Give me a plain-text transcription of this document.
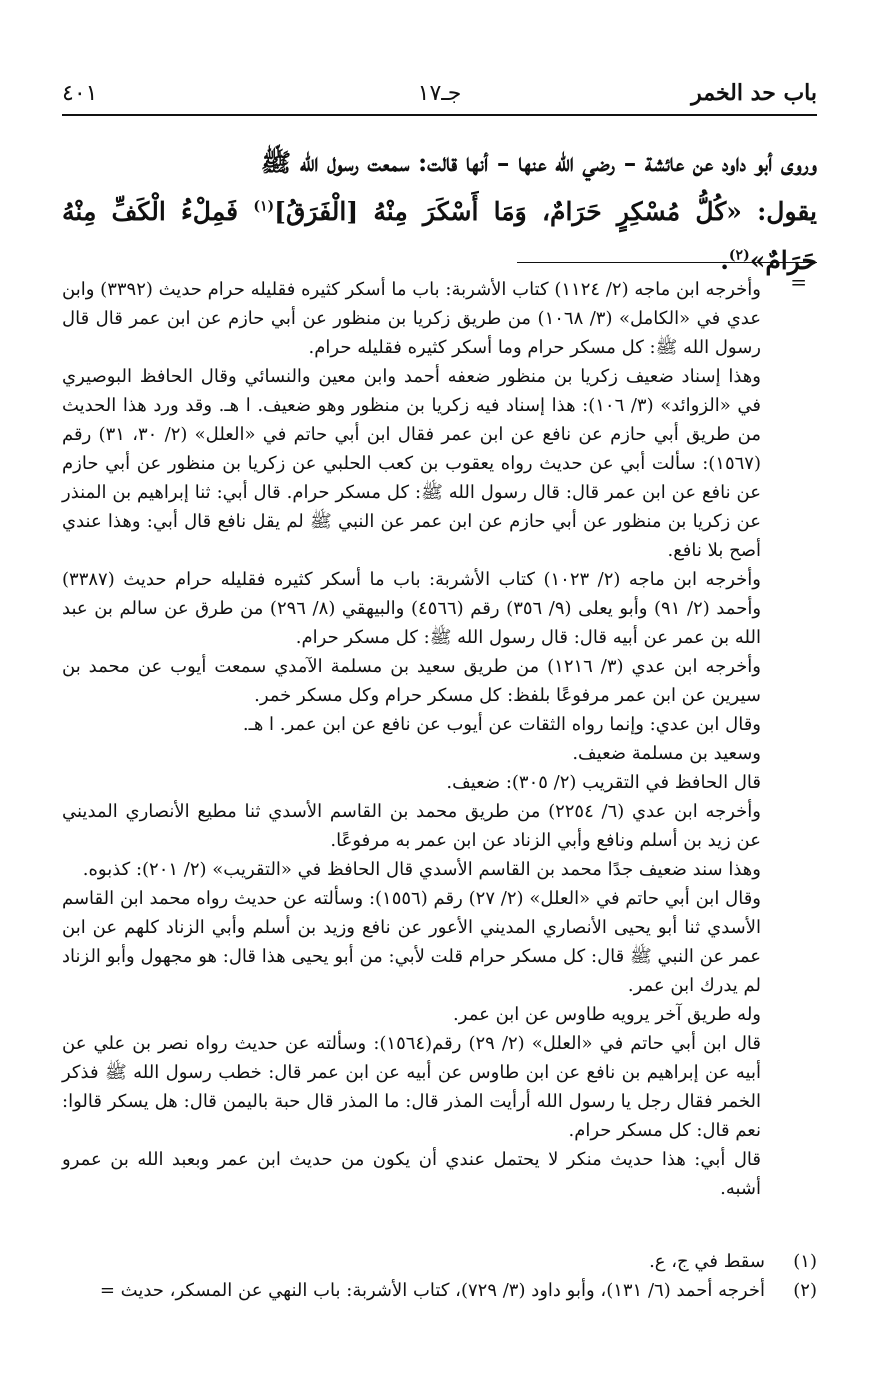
باب حد الخمر
جـ١٧
٤٠١

وروى أبو داود عن عائشة – رضي الله عنها – أنها قالت: سمعت رسول الله ﷺ

يقول: «كُلُّ مُسْكِرٍ حَرَامٌ، وَمَا أَسْكَرَ مِنْهُ [الْفَرَقُ]$^{(١)}$ فَمِلْءُ الْكَفِّ مِنْهُ حَرَامٌ»$^{(٢)}$.

=

وأخرجه ابن ماجه (٢/ ١١٢٤) كتاب الأشربة: باب ما أسكر كثيره فقليله حرام حديث (٣٣٩٢) وابن عدي في «الكامل» (٣/ ١٠٦٨) من طريق زكريا بن منظور عن أبي حازم عن ابن عمر قال قال رسول الله ﷺ: كل مسكر حرام وما أسكر كثيره فقليله حرام.

وهذا إسناد ضعيف زكريا بن منظور ضعفه أحمد وابن معين والنسائي وقال الحافظ البوصيري في «الزوائد» (٣/ ١٠٦): هذا إسناد فيه زكريا بن منظور وهو ضعيف. ا هـ. وقد ورد هذا الحديث من طريق أبي حازم عن نافع عن ابن عمر فقال ابن أبي حاتم في «العلل» (٢/ ٣٠، ٣١) رقم (١٥٦٧): سألت أبي عن حديث رواه يعقوب بن كعب الحلبي عن زكريا بن منظور عن أبي حازم عن نافع عن ابن عمر قال: قال رسول الله ﷺ: كل مسكر حرام. قال أبي: ثنا إبراهيم بن المنذر عن زكريا بن منظور عن أبي حازم عن ابن عمر عن النبي ﷺ لم يقل نافع قال أبي: وهذا عندي أصح بلا نافع.

وأخرجه ابن ماجه (٢/ ١٠٢٣) كتاب الأشربة: باب ما أسكر كثيره فقليله حرام حديث (٣٣٨٧) وأحمد (٢/ ٩١) وأبو يعلى (٩/ ٣٥٦) رقم (٤٥٦٦) والبيهقي (٨/ ٢٩٦) من طرق عن سالم بن عبد الله بن عمر عن أبيه قال: قال رسول الله ﷺ: كل مسكر حرام.

وأخرجه ابن عدي (٣/ ١٢١٦) من طريق سعيد بن مسلمة الآمدي سمعت أيوب عن محمد بن سيرين عن ابن عمر مرفوعًا بلفظ: كل مسكر حرام وكل مسكر خمر.

وقال ابن عدي: وإنما رواه الثقات عن أيوب عن نافع عن ابن عمر. ا هـ.

وسعيد بن مسلمة ضعيف.

قال الحافظ في التقريب (٢/ ٣٠٥): ضعيف.

وأخرجه ابن عدي (٦/ ٢٢٥٤) من طريق محمد بن القاسم الأسدي ثنا مطيع الأنصاري المديني عن زيد بن أسلم ونافع وأبي الزناد عن ابن عمر به مرفوعًا.

وهذا سند ضعيف جدًا محمد بن القاسم الأسدي قال الحافظ في «التقريب» (٢/ ٢٠١): كذبوه.

وقال ابن أبي حاتم في «العلل» (٢/ ٢٧) رقم (١٥٥٦): وسألته عن حديث رواه محمد ابن القاسم الأسدي ثنا أبو يحيى الأنصاري المديني الأعور عن نافع وزيد بن أسلم وأبي الزناد كلهم عن ابن عمر عن النبي ﷺ قال: كل مسكر حرام قلت لأبي: من أبو يحيى هذا قال: هو مجهول وأبو الزناد لم يدرك ابن عمر.

وله طريق آخر يرويه طاوس عن ابن عمر.

قال ابن أبي حاتم في «العلل» (٢/ ٢٩) رقم(١٥٦٤): وسألته عن حديث رواه نصر بن علي عن أبيه عن إبراهيم بن نافع عن ابن طاوس عن أبيه عن ابن عمر قال: خطب رسول الله ﷺ فذكر الخمر فقال رجل يا رسول الله أرأيت المذر قال: ما المذر قال حبة باليمن قال: هل يسكر قالوا: نعم قال: كل مسكر حرام.

قال أبي: هذا حديث منكر لا يحتمل عندي أن يكون من حديث ابن عمر وبعبد الله بن عمرو أشبه.

(١)
سقط في ج، ع.
(٢)
أخرجه أحمد (٦/ ١٣١)، وأبو داود (٣/ ٧٢٩)، كتاب الأشربة: باب النهي عن المسكر، حديث =
